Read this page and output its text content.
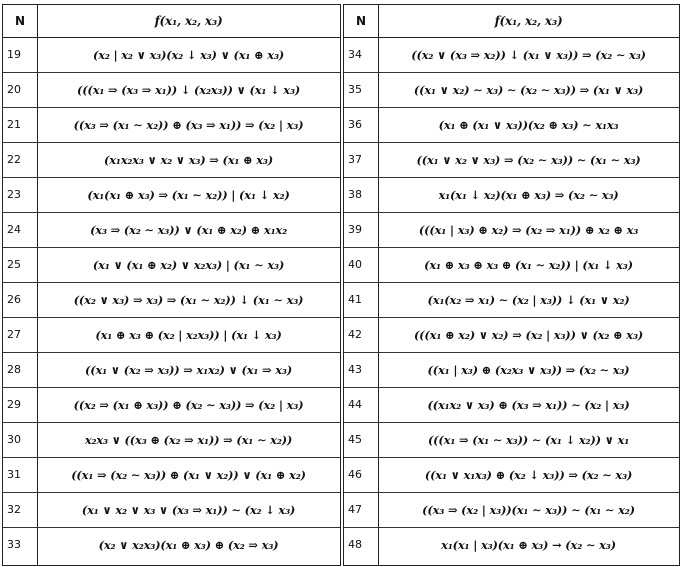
N	f(x₁, x₂, x₃)
19	(x₂ | x₂ ∨ x₃)(x₂ ↓ x₃) ∨ (x₁ ⊕ x₃)
20	(((x₁ ⇒ (x₃ ⇒ x₁)) ↓ (x₂x₃)) ∨ (x₁ ↓ x₃)
21	((x₃ ⇒ (x₁ ∼ x₂)) ⊕ (x₃ ⇒ x₁)) ⇒ (x₂ | x₃)
22	(x₁x₂x₃ ∨ x₂ ∨ x₃) ⇒ (x₁ ⊕ x₃)
23	(x₁(x₁ ⊕ x₃) ⇒ (x₁ ∼ x₂)) | (x₁ ↓ x₂)
24	(x₃ ⇒ (x₂ ∼ x₃)) ∨ (x₁ ⊕ x₂) ⊕ x₁x₂
25	(x₁ ∨ (x₁ ⊕ x₂) ∨ x₂x₃) | (x₁ ∼ x₃)
26	((x₂ ∨ x₃) ⇒ x₃) ⇒ (x₁ ∼ x₂)) ↓ (x₁ ∼ x₃)
27	(x₁ ⊕ x₃ ⊕ (x₂ | x₂x₃)) | (x₁ ↓ x₃)
28	((x₁ ∨ (x₂ ⇒ x₃)) ⇒ x₁x₂) ∨ (x₁ ⇒ x₃)
29	((x₂ ⇒ (x₁ ⊕ x₃)) ⊕ (x₂ ∼ x₃)) ⇒ (x₂ | x₃)
30	x₂x₃ ∨ ((x₃ ⊕ (x₂ ⇒ x₁)) ⇒ (x₁ ∼ x₂))
31	((x₁ ⇒ (x₂ ∼ x₃)) ⊕ (x₁ ∨ x₂)) ∨ (x₁ ⊕ x₂)
32	(x₁ ∨ x₂ ∨ x₃ ∨ (x₃ ⇒ x₁)) ∼ (x₂ ↓ x₃)
33	(x₂ ∨ x₂x₃)(x₁ ⊕ x₃) ⊕ (x₂ ⇒ x₃)
N	f(x₁, x₂, x₃)
34	((x₂ ∨ (x₃ ⇒ x₂)) ↓ (x₁ ∨ x₃)) ⇒ (x₂ ∼ x₃)
35	((x₁ ∨ x₂) ∼ x₃) ∼ (x₂ ∼ x₃)) ⇒ (x₁ ∨ x₃)
36	(x₁ ⊕ (x₁ ∨ x₃))(x₂ ⊕ x₃) ∼ x₁x₃
37	((x₁ ∨ x₂ ∨ x₃) ⇒ (x₂ ∼ x₃)) ∼ (x₁ ∼ x₃)
38	x₁(x₁ ↓ x₂)(x₁ ⊕ x₃) ⇒ (x₂ ∼ x₃)
39	(((x₁ | x₃) ⊕ x₂) ⇒ (x₂ ⇒ x₁)) ⊕ x₂ ⊕ x₃
40	(x₁ ⊕ x₃ ⊕ x₃ ⊕ (x₁ ∼ x₂)) | (x₁ ↓ x₃)
41	(x₁(x₂ ⇒ x₁) ∼ (x₂ | x₃)) ↓ (x₁ ∨ x₂)
42	(((x₁ ⊕ x₂) ∨ x₂) ⇒ (x₂ | x₃)) ∨ (x₂ ⊕ x₃)
43	((x₁ | x₃) ⊕ (x₂x₃ ∨ x₃)) ⇒ (x₂ ∼ x₃)
44	((x₁x₂ ∨ x₃) ⊕ (x₃ ⇒ x₁)) ∼ (x₂ | x₃)
45	(((x₁ ⇒ (x₁ ∼ x₃)) ∼ (x₁ ↓ x₂)) ∨ x₁
46	((x₁ ∨ x₁x₃) ⊕ (x₂ ↓ x₃)) ⇒ (x₂ ∼ x₃)
47	((x₃ ⇒ (x₂ | x₃))(x₁ ∼ x₃)) ∼ (x₁ ∼ x₂)
48	x₁(x₁ | x₃)(x₁ ⊕ x₃) → (x₂ ∼ x₃)
